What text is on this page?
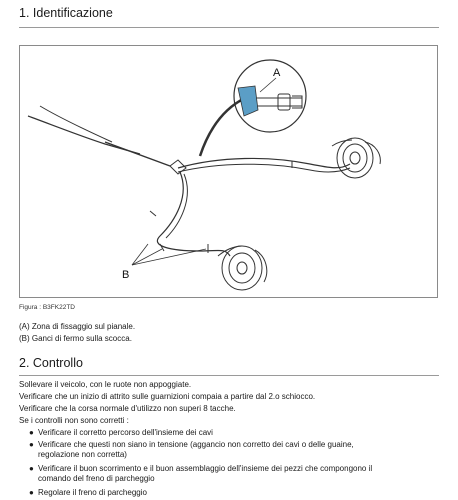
1. Identificazione
A
B
Figura : B3FK22TD
(A) Zona di fissaggio sul pianale.
(B) Ganci di fermo sulla scocca.
2. Controllo
Sollevare il veicolo, con le ruote non appoggiate.
Verificare che un inizio di attrito sulle guarnizioni compaia a partire dal 2.o schiocco.
Verificare che la corsa normale d'utilizzo non superi 8 tacche.
Se i controlli non sono corretti :
● Verificare il corretto percorso dell'insieme dei cavi
● Verificare che questi non siano in tensione (aggancio non corretto dei cavi o delle guaine,
regolazione non corretta)
● Verificare il buon scorrimento e il buon assemblaggio dell'insieme dei pezzi che compongono il
comando del freno di parcheggio
● Regolare il freno di parcheggio
